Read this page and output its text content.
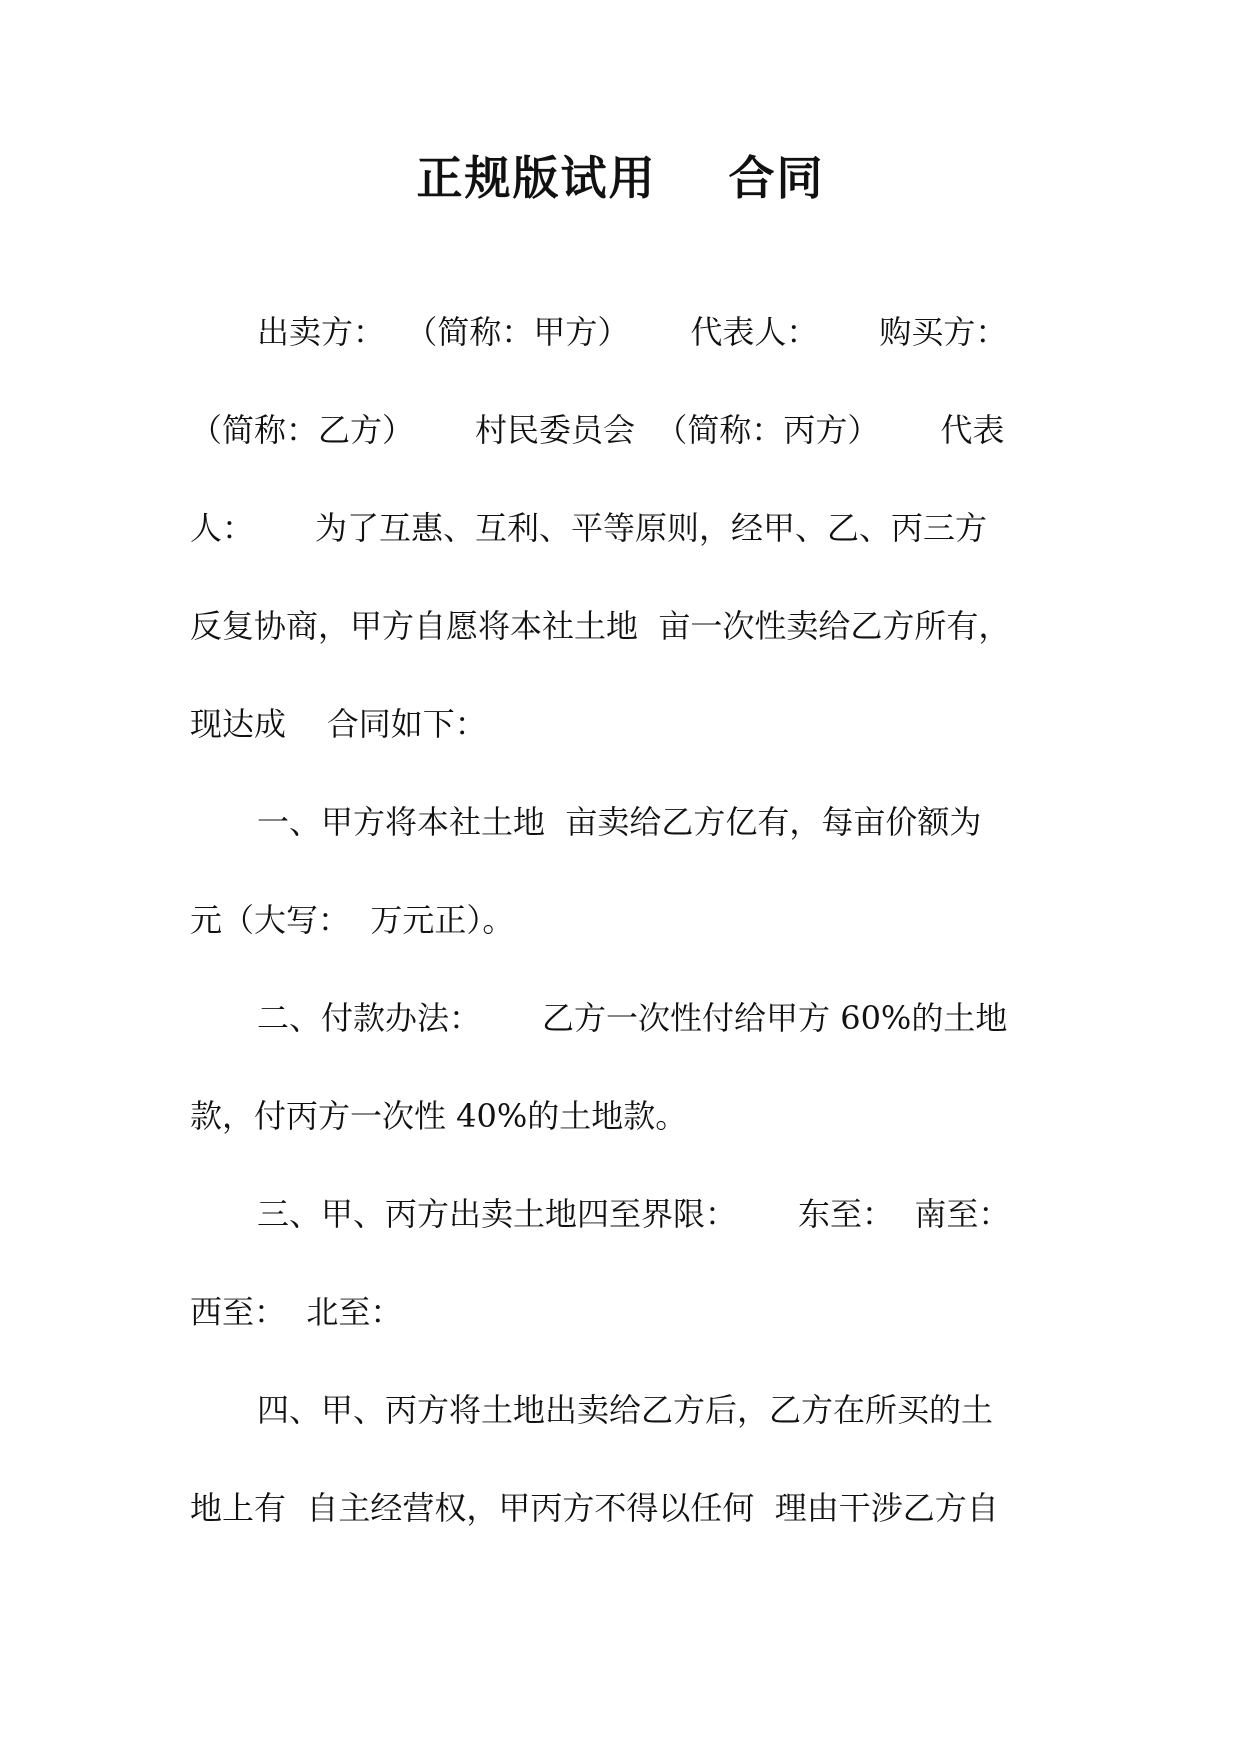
正规版试用    合同
出卖方：  （简称：甲方）      代表人：      购买方：
（简称：乙方）      村民委员会  （简称：丙方）      代表
人：      为了互惠、互利、平等原则，经甲、乙、丙三方
反复协商，甲方自愿将本社土地  亩一次性卖给乙方所有，
现达成    合同如下：
一、甲方将本社土地  亩卖给乙方亿有，每亩价额为
元（大写：  万元正）。
二、付款办法：      乙方一次性付给甲方 60%的土地
款，付丙方一次性 40%的土地款。
三、甲、丙方出卖土地四至界限：      东至：  南至：
西至：  北至：
四、甲、丙方将土地出卖给乙方后，乙方在所买的土
地上有  自主经营权，甲丙方不得以任何  理由干涉乙方自
